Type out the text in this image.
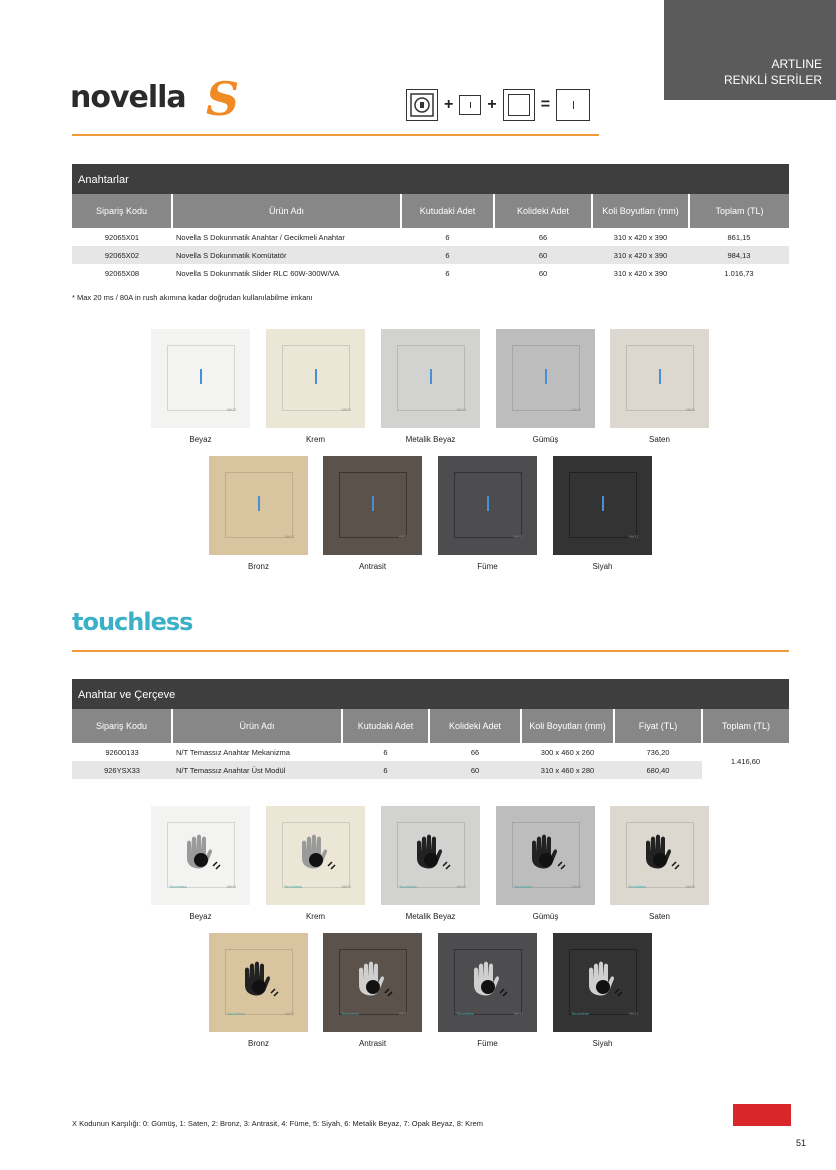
ARTLINE
RENKLİ SERİLER
novella S	+ +	=
Anahtarlar
Sipariş Kodu	Ürün Adı	Kutudaki Adet	Kolideki Adet	Koli Boyutları (mm)	Toplam (TL)
92065X01	Novella S Dokunmatik Anahtar / Gecikmeli Anahtar	6	66	310 x 420 x 390	861,15
92065X02	Novella S Dokunmatik Komütatör	6	60	310 x 420 x 390	984,13
92065X08	Novella S Dokunmatik Slider RLC 60W-300W/VA	6	60	310 x 420 x 390	1.016,73
* Max 20 ms / 80A in rush akımına kadar doğrudan kullanılabilme imkanı
VIKO
Beyaz
VIKO
Krem
VIKO
Metalik Beyaz
VIKO
Gümüş
VIKO
Saten
VIKO
Bronz
VIKO
Antrasit
VIKO
Füme
VIKO
Siyah
touchless
Anahtar ve Çerçeve
Sipariş Kodu	Ürün Adı	Kutudaki Adet	Kolideki Adet	Koli Boyutları (mm)	Fiyat (TL)	Toplam (TL)
92600133	N/T Temassız Anahtar Mekanizma	6	66	300 x 460 x 260	736,20	1.416,60
926YSX33	N/T Temassız Anahtar Üst Modül	6	60	310 x 460 x 280	680,40	
VIKO
Touchless
Beyaz
VIKO
Touchless
Krem
VIKO
Touchless
Metalik Beyaz
VIKO
Touchless
Gümüş
VIKO
Touchless
Saten
VIKO
Touchless
Bronz
VIKO
Touchless
Antrasit
VIKO
Touchless
Füme
VIKO
Touchless
Siyah
X Kodunun Karşılığı: 0: Gümüş, 1: Saten, 2: Bronz, 3: Antrasit, 4: Füme, 5: Siyah, 6: Metalik Beyaz, 7: Opak Beyaz, 8: Krem
51
